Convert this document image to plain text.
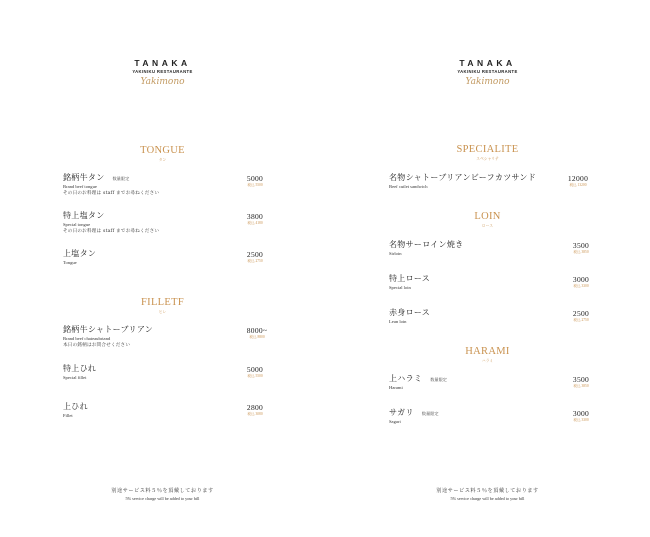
TANAKA
YAKINIKU RESTAURANTE
Yakimono
TONGUE
タン
銘柄牛タン 数量限定
Brand beef tongue
その日のお料理は staff までお尋ねください
5000
税込 5500
特上塩タン
Special tongue
その日のお料理は staff までお尋ねください
3800
税込 4180
上塩タン
Tongue
2500
税込 2750
FILLETF
ヒレ
銘柄牛シャトーブリアン
Brand beef chateaubriand
本日の銘柄はお問合せください
8000~
税込 8800
特上ひれ
Special fillet
5000
税込 5500
上ひれ
Fillet
2800
税込 3080
別途サービス料５％を頂戴しております
5% service charge will be added to your bill
TANAKA
YAKINIKU RESTAURANTE
Yakimono
SPECIALITE
スペシャリテ
名物シャトーブリアンビーフカツサンド
Beef cutlet sandwich
12000
税込 13200
LOIN
ロース
名物サーロイン焼き
Sirloin
3500
税込 3850
特上ロース
Special loin
3000
税込 3300
赤身ロース
Lean loin
2500
税込 2750
HARAMI
ハラミ
上ハラミ 数量限定
Harami
3500
税込 3850
サガリ 数量限定
Sagari
3000
税込 3300
別途サービス料５％を頂戴しております
5% service charge will be added to your bill
